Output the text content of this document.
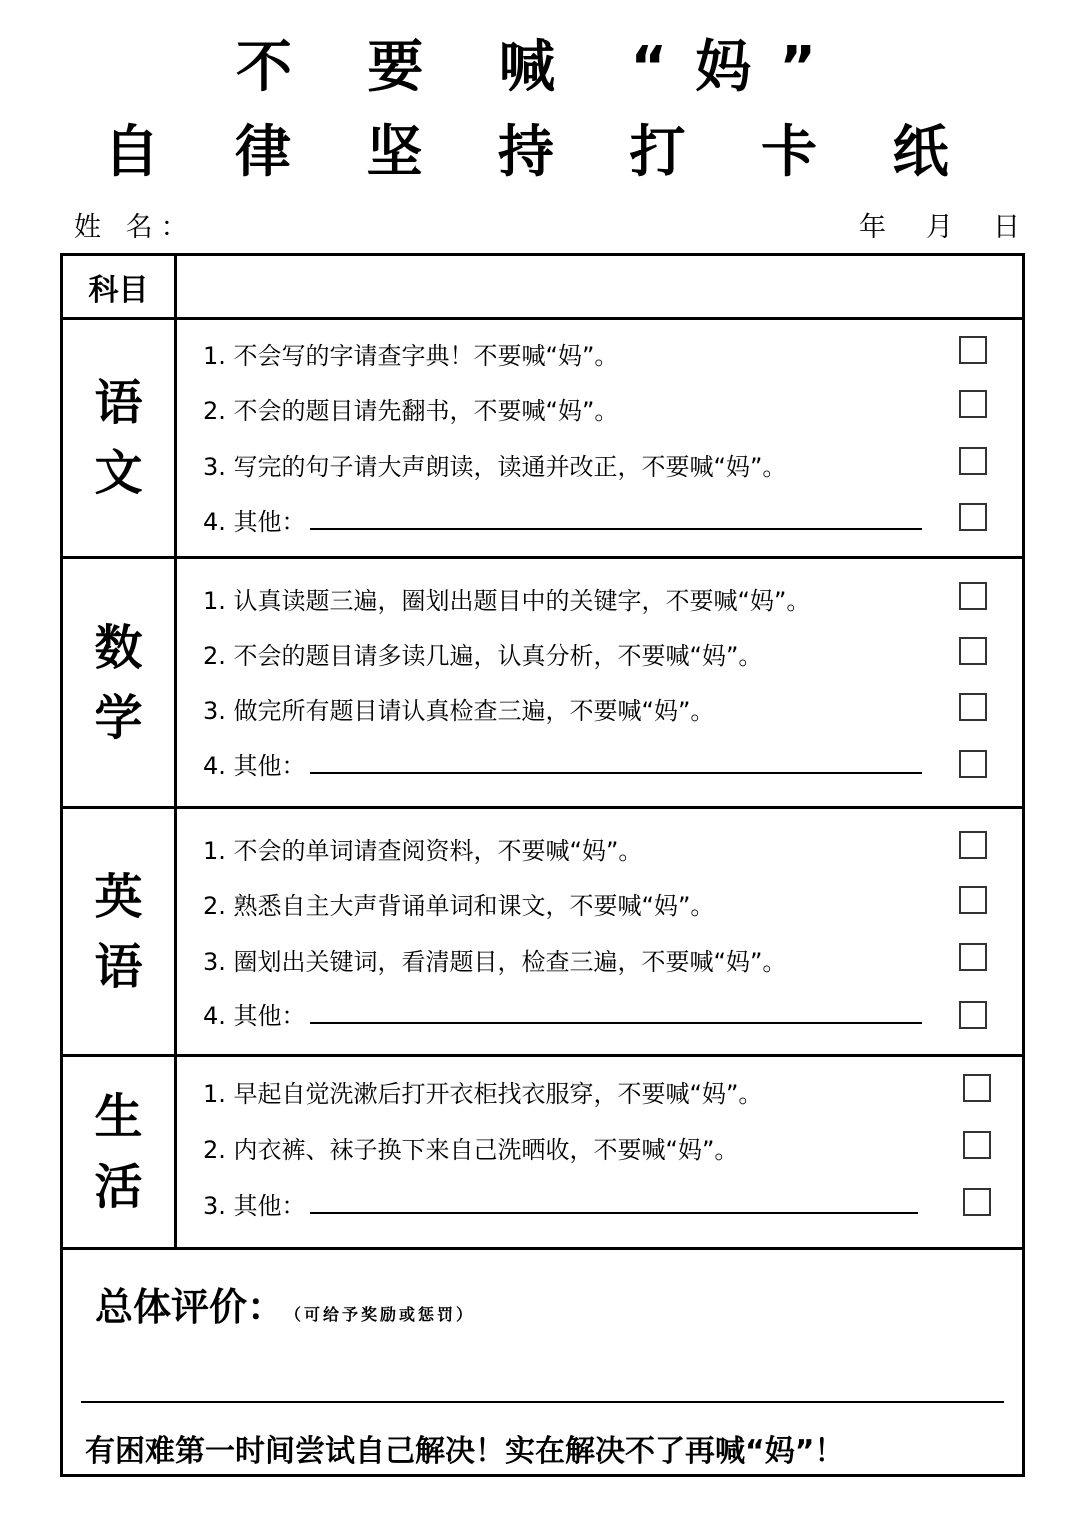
不 要 喊 “妈”
自 律 坚 持 打 卡 纸
姓 名：	年 月 日
科目
语
文
1. 不会写的字请查字典！不要喊“妈”。
2. 不会的题目请先翻书，不要喊“妈”。
3. 写完的句子请大声朗读，读通并改正，不要喊“妈”。
4. 其他：
数
学
1. 认真读题三遍，圈划出题目中的关键字，不要喊“妈”。
2. 不会的题目请多读几遍，认真分析，不要喊“妈”。
3. 做完所有题目请认真检查三遍，不要喊“妈”。
4. 其他：
英
语
1. 不会的单词请查阅资料，不要喊“妈”。
2. 熟悉自主大声背诵单词和课文，不要喊“妈”。
3. 圈划出关键词，看清题目，检查三遍，不要喊“妈”。
4. 其他：
生
活
1. 早起自觉洗漱后打开衣柜找衣服穿，不要喊“妈”。
2. 内衣裤、袜子换下来自己洗晒收，不要喊“妈”。
3. 其他：
总体评价： （可给予奖励或惩罚）
有困难第一时间尝试自己解决！实在解决不了再喊“妈”！
